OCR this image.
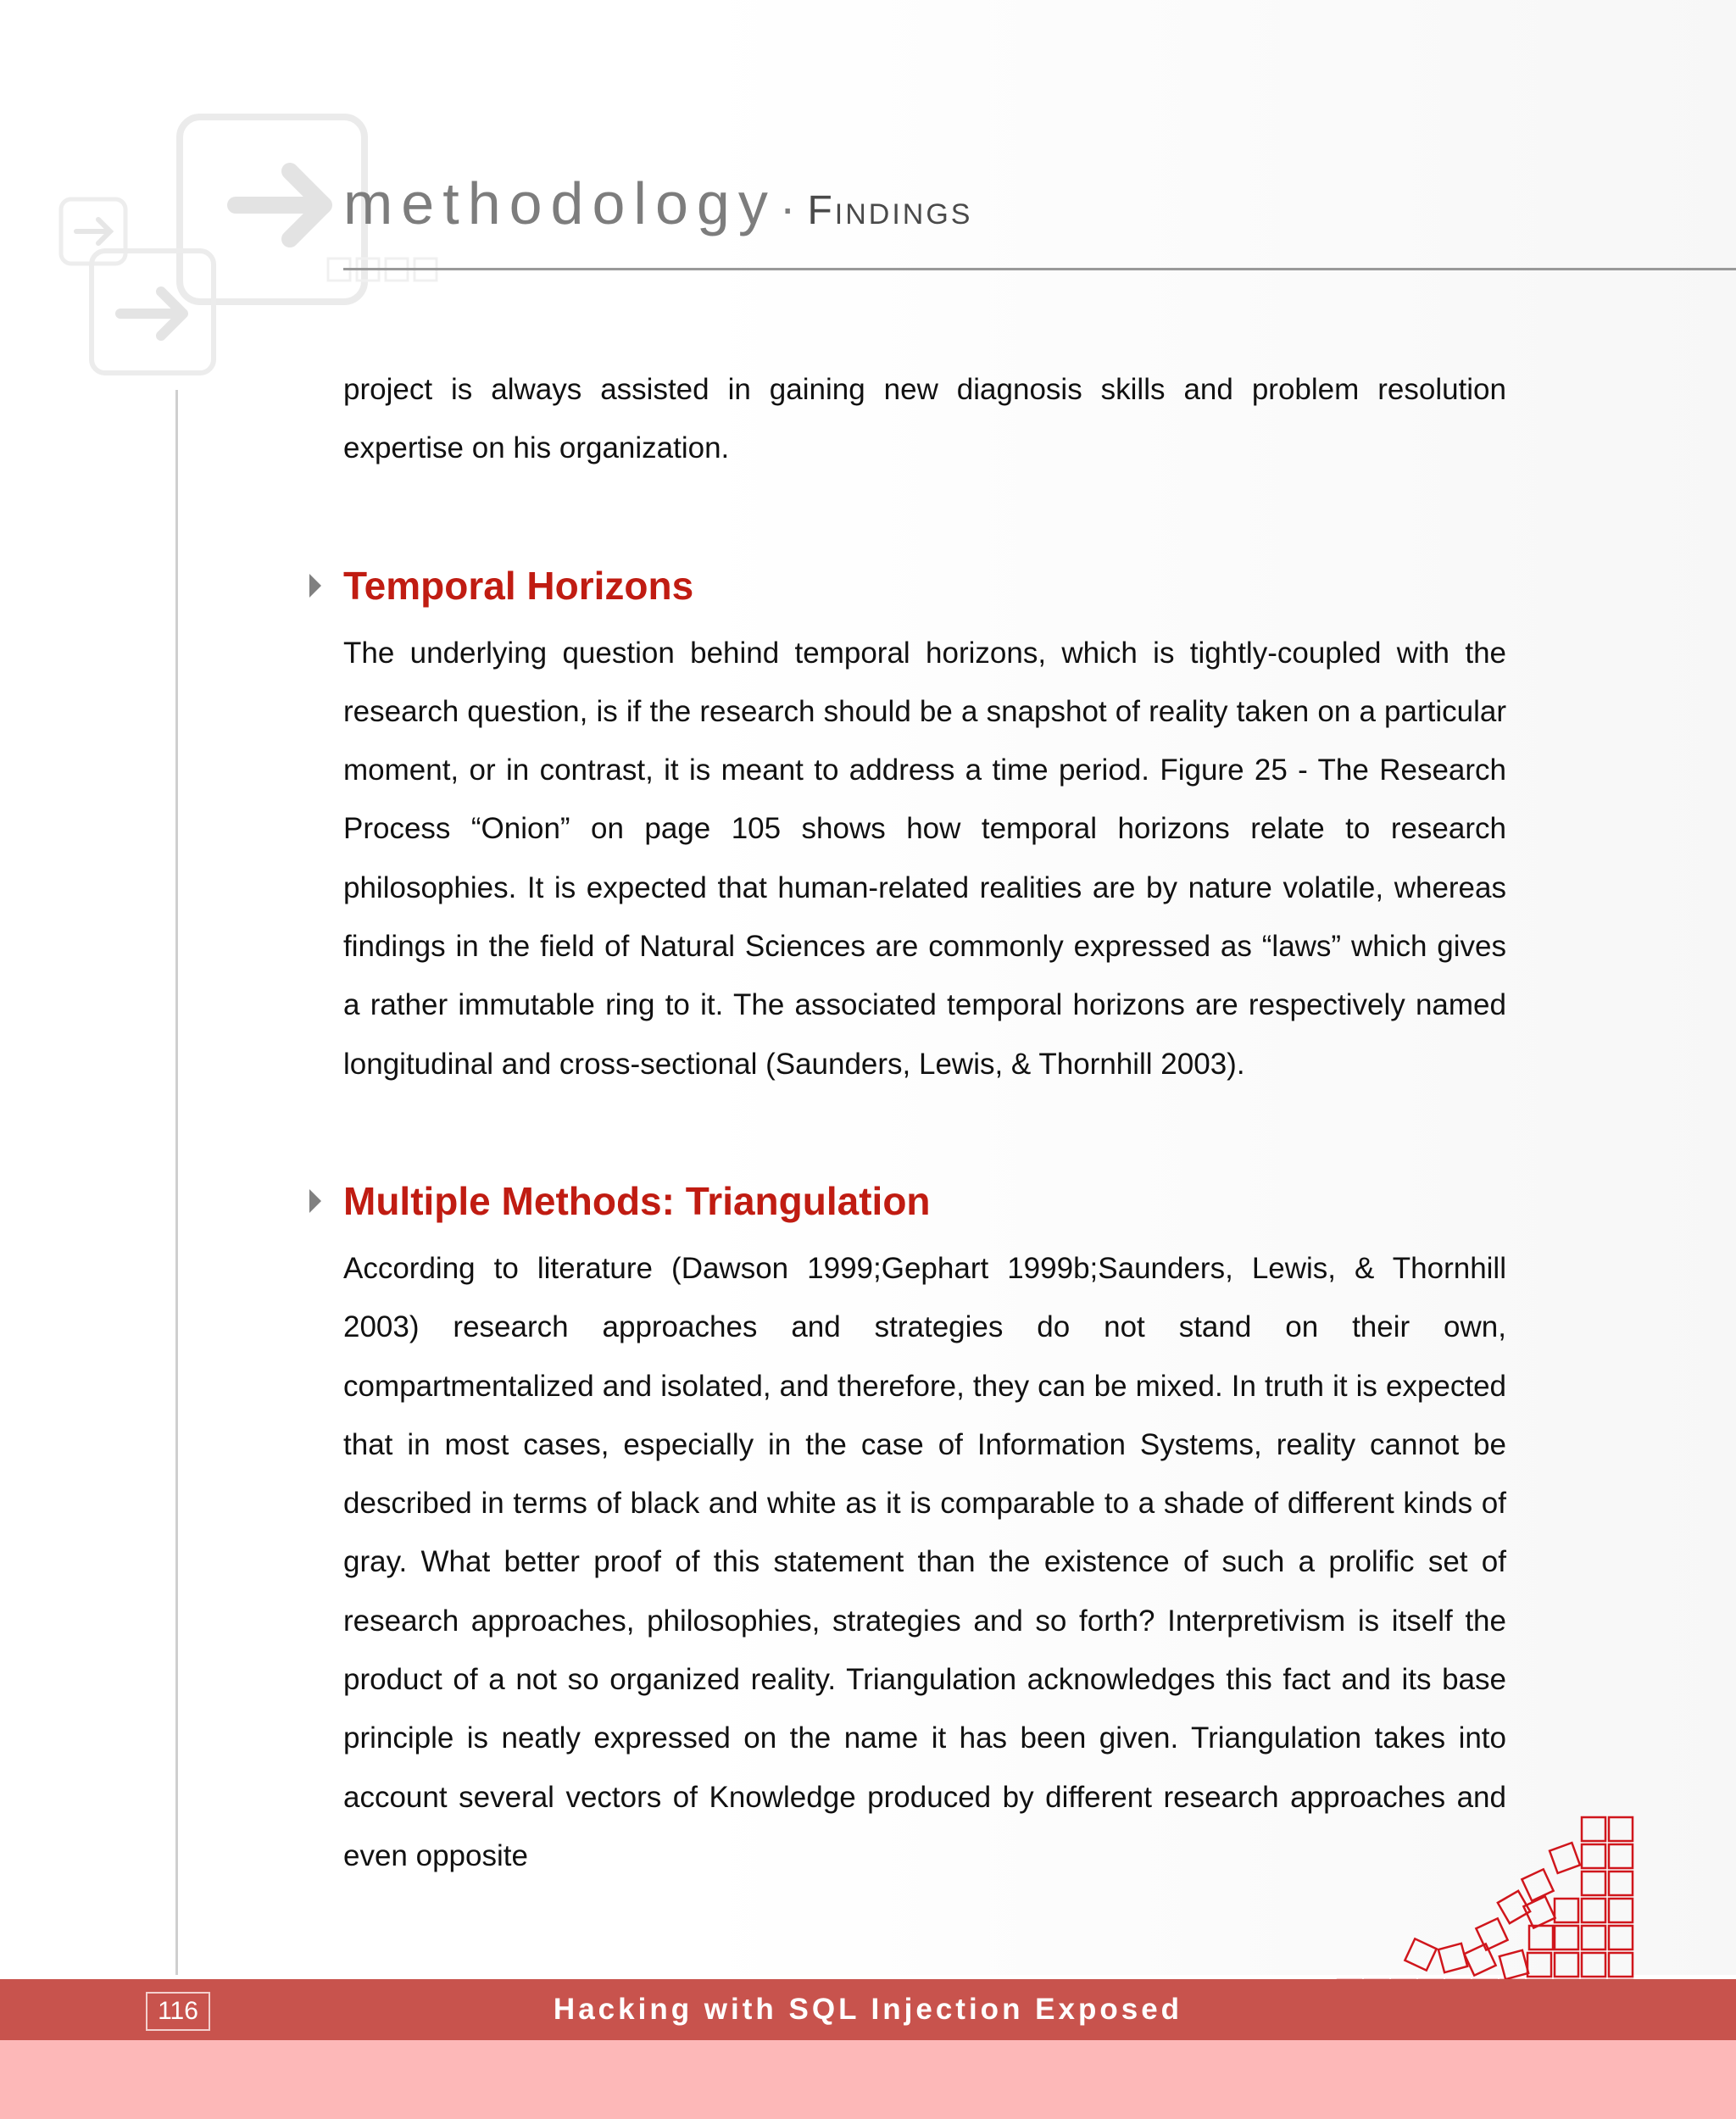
methodology · Findings

project is always assisted in gaining new diagnosis skills and problem resolution expertise on his organization.

Temporal Horizons

The underlying question behind temporal horizons, which is tightly-coupled with the research question, is if the research should be a snapshot of reality taken on a particular moment, or in contrast, it is meant to address a time period. Figure 25 - The Research Process “Onion” on page 105 shows how temporal horizons relate to research philosophies. It is expected that human-related realities are by nature volatile, whereas findings in the field of Natural Sciences are commonly expressed as “laws” which gives a rather immutable ring to it. The associated temporal horizons are respectively named longitudinal and cross-sectional (Saunders, Lewis, & Thornhill 2003).

Multiple Methods: Triangulation

According to literature (Dawson 1999;Gephart 1999b;Saunders, Lewis, & Thornhill 2003) research approaches and strategies do not stand on their own, compartmentalized and isolated, and therefore, they can be mixed. In truth it is expected that in most cases, especially in the case of Information Systems, reality cannot be described in terms of black and white as it is comparable to a shade of different kinds of gray. What better proof of this statement than the existence of such a prolific set of research approaches, philosophies, strategies and so forth? Interpretivism is itself the product of a not so organized reality. Triangulation acknowledges this fact and its base principle is neatly expressed on the name it has been given. Triangulation takes into account several vectors of Knowledge produced by different research approaches and even opposite

116	Hacking with SQL Injection Exposed
